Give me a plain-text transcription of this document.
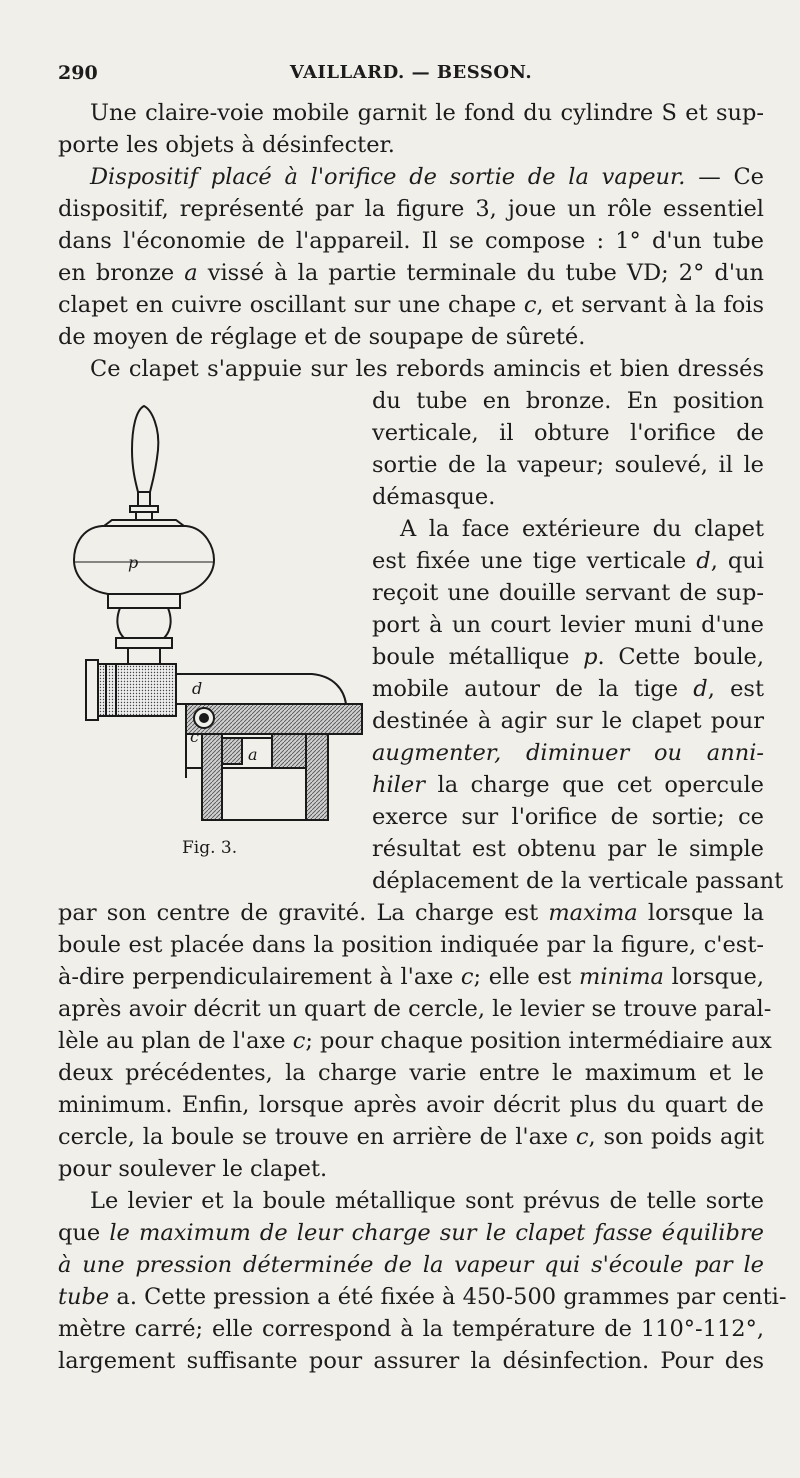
290	VAILLARD. — BESSON.
Une claire-voie mobile garnit le fond du cylindre S et sup-
porte les objets à désinfecter.
Dispositif placé à l'orifice de sortie de la vapeur. — Ce
dispositif, représenté par la figure 3, joue un rôle essentiel
dans l'économie de l'appareil. Il se compose : 1° d'un tube
en bronze a vissé à la partie terminale du tube VD; 2° d'un
clapet en cuivre oscillant sur une chape c, et servant à la fois
de moyen de réglage et de soupape de sûreté.
Ce clapet s'appuie sur les rebords amincis et bien dressés
du tube en bronze. En position
verticale, il obture l'orifice de
sortie de la vapeur; soulevé, il le
démasque.
A la face extérieure du clapet
est fixée une tige verticale d, qui
reçoit une douille servant de sup-
port à un court levier muni d'une
boule métallique p. Cette boule,
mobile autour de la tige d, est
destinée à agir sur le clapet pour
augmenter, diminuer ou anni-
hiler la charge que cet opercule
exerce sur l'orifice de sortie; ce
résultat est obtenu par le simple
déplacement de la verticale passant
par son centre de gravité. La charge est maxima lorsque la
boule est placée dans la position indiquée par la figure, c'est-
à-dire perpendiculairement à l'axe c; elle est minima lorsque,
après avoir décrit un quart de cercle, le levier se trouve paral-
lèle au plan de l'axe c; pour chaque position intermédiaire aux
deux précédentes, la charge varie entre le maximum et le
minimum. Enfin, lorsque après avoir décrit plus du quart de
cercle, la boule se trouve en arrière de l'axe c, son poids agit
pour soulever le clapet.
Le levier et la boule métallique sont prévus de telle sorte
que le maximum de leur charge sur le clapet fasse équilibre
à une pression déterminée de la vapeur qui s'écoule par le
tube a. Cette pression a été fixée à 450-500 grammes par centi-
mètre carré; elle correspond à la température de 110°-112°,
largement suffisante pour assurer la désinfection. Pour des
p
d
c
a
Fig. 3.
